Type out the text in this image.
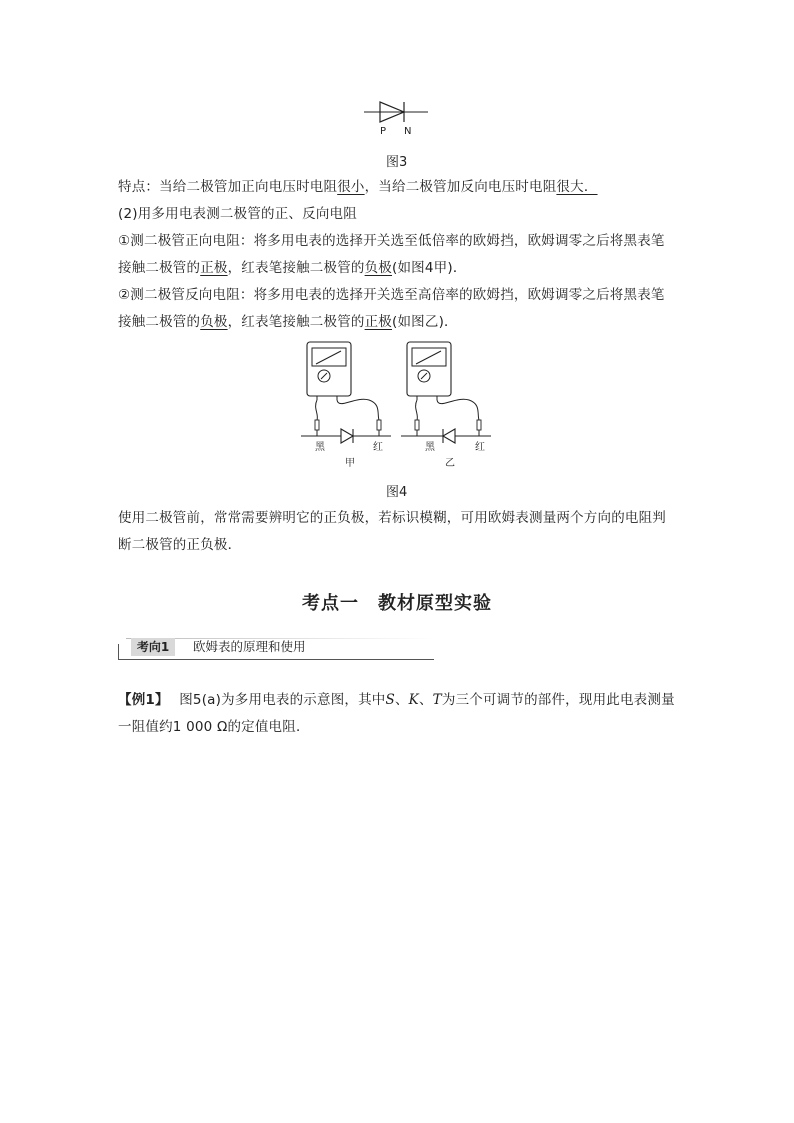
P N
图3
特点：当给二极管加正向电压时电阻很小，当给二极管加反向电压时电阻很大．
(2)用多用电表测二极管的正、反向电阻
①测二极管正向电阻：将多用电表的选择开关选至低倍率的欧姆挡，欧姆调零之后将黑表笔
接触二极管的正极，红表笔接触二极管的负极(如图4甲)．
②测二极管反向电阻：将多用电表的选择开关选至高倍率的欧姆挡，欧姆调零之后将黑表笔
接触二极管的负极，红表笔接触二极管的正极(如图乙)．
黑	红
甲
黑	红
乙
图4
使用二极管前，常常需要辨明它的正负极，若标识模糊，可用欧姆表测量两个方向的电阻判
断二极管的正负极．
考点一　教材原型实验
考向1	欧姆表的原理和使用
【例1】 图5(a)为多用电表的示意图，其中S、K、T为三个可调节的部件，现用此电表测量
一阻值约1 000 Ω的定值电阻．
